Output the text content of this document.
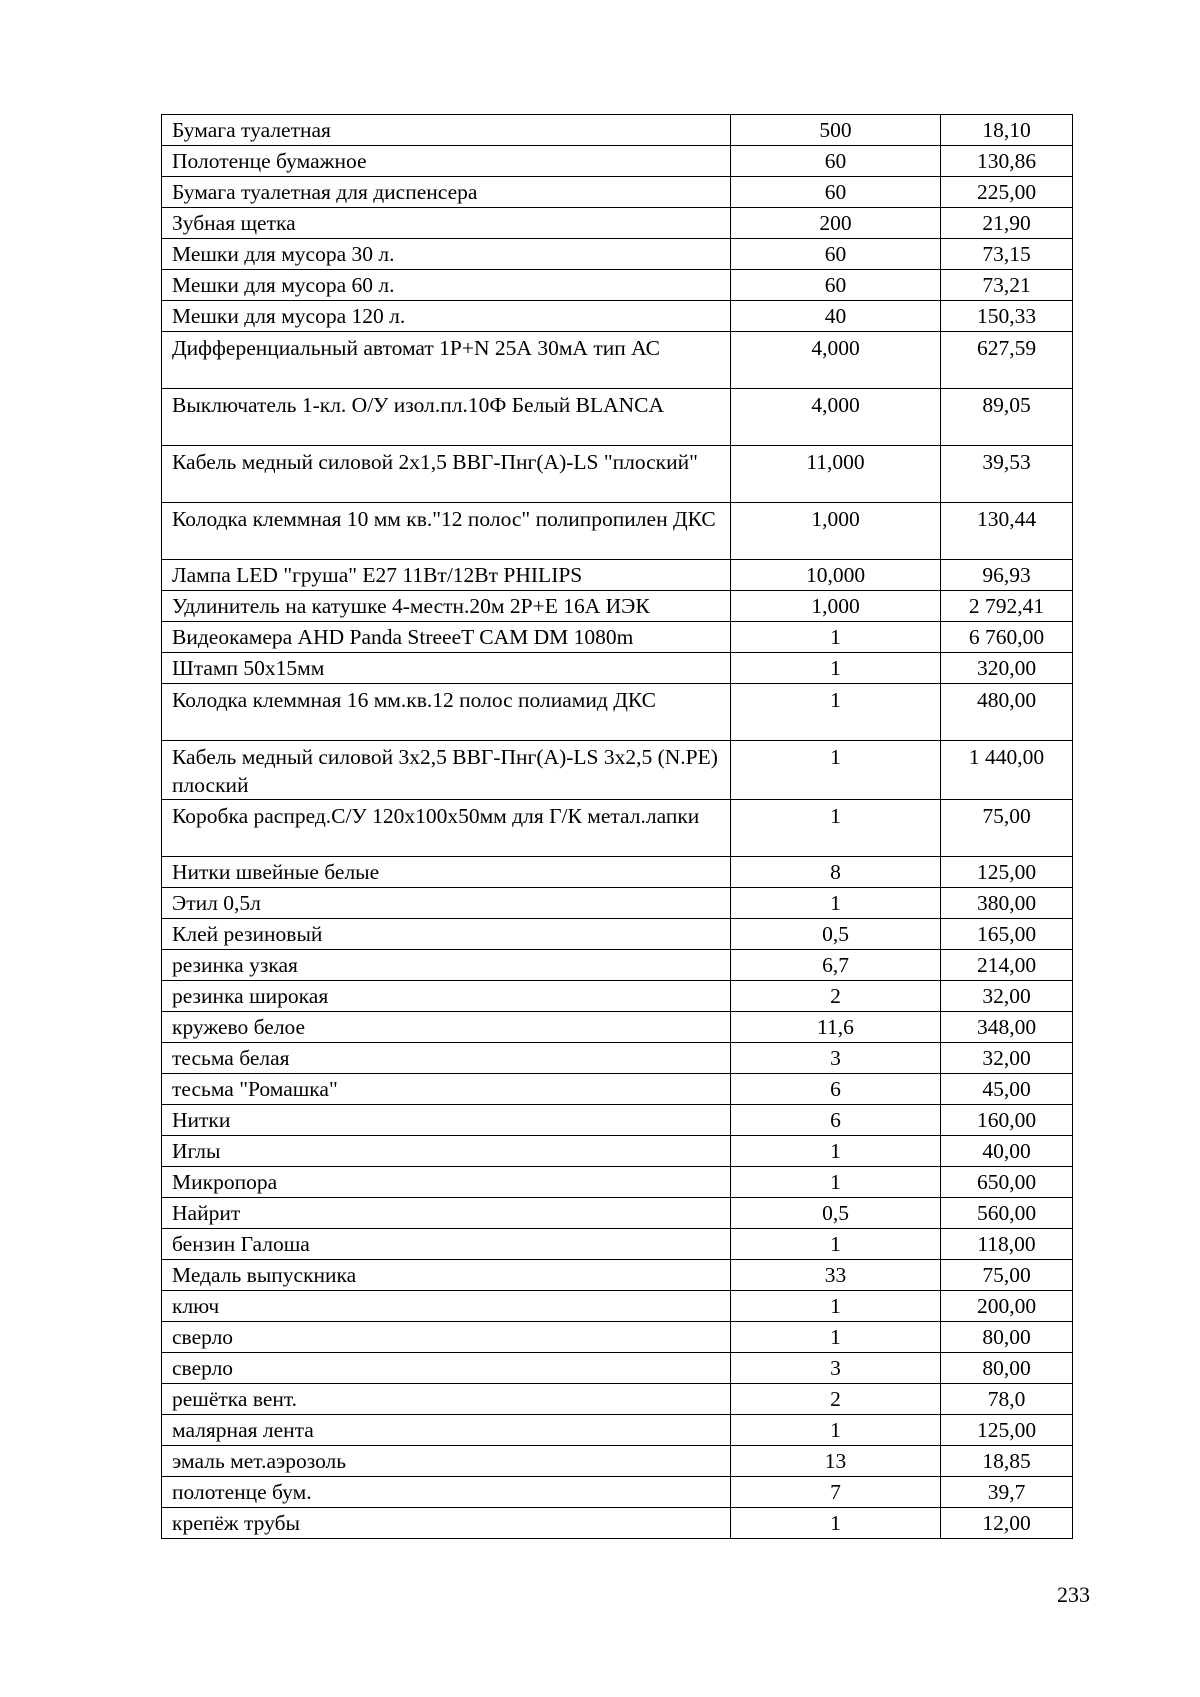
Бумага туалетная	500	18,10
Полотенце бумажное	60	130,86
Бумага туалетная для диспенсера	60	225,00
Зубная щетка	200	21,90
Мешки для мусора 30 л.	60	73,15
Мешки для мусора 60 л.	60	73,21
Мешки для мусора 120 л.	40	150,33
Дифференциальный автомат 1P+N 25А 30мА тип АС	4,000	627,59
Выключатель 1-кл. О/У изол.пл.10Ф Белый BLANCA	4,000	89,05
Кабель медный силовой 2х1,5 ВВГ-Пнг(А)-LS "плоский"	11,000	39,53
Колодка клеммная 10 мм кв."12 полос" полипропилен ДКС	1,000	130,44
Лампа LED "груша" Е27 11Вт/12Вт PHILIPS	10,000	96,93
Удлинитель на катушке 4-местн.20м 2Р+Е 16А ИЭК	1,000	2 792,41
Видеокамера AHD Panda StreeeT CAM DM 1080m	1	6 760,00
Штамп 50х15мм	1	320,00
Колодка клеммная 16 мм.кв.12 полос полиамид ДКС	1	480,00
Кабель медный силовой 3х2,5 ВВГ-Пнг(А)-LS 3х2,5 (N.PE) плоский	1	1 440,00
Коробка распред.С/У 120х100х50мм для Г/К метал.лапки	1	75,00
Нитки швейные белые	8	125,00
Этил 0,5л	1	380,00
Клей резиновый	0,5	165,00
резинка узкая	6,7	214,00
резинка широкая	2	32,00
кружево белое	11,6	348,00
тесьма белая	3	32,00
тесьма "Ромашка"	6	45,00
Нитки	6	160,00
Иглы	1	40,00
Микропора	1	650,00
Найрит	0,5	560,00
бензин Галоша	1	118,00
Медаль выпускника	33	75,00
ключ	1	200,00
сверло	1	80,00
сверло	3	80,00
решётка вент.	2	78,0
малярная лента	1	125,00
эмаль мет.аэрозоль	13	18,85
полотенце бум.	7	39,7
крепёж трубы	1	12,00
233
